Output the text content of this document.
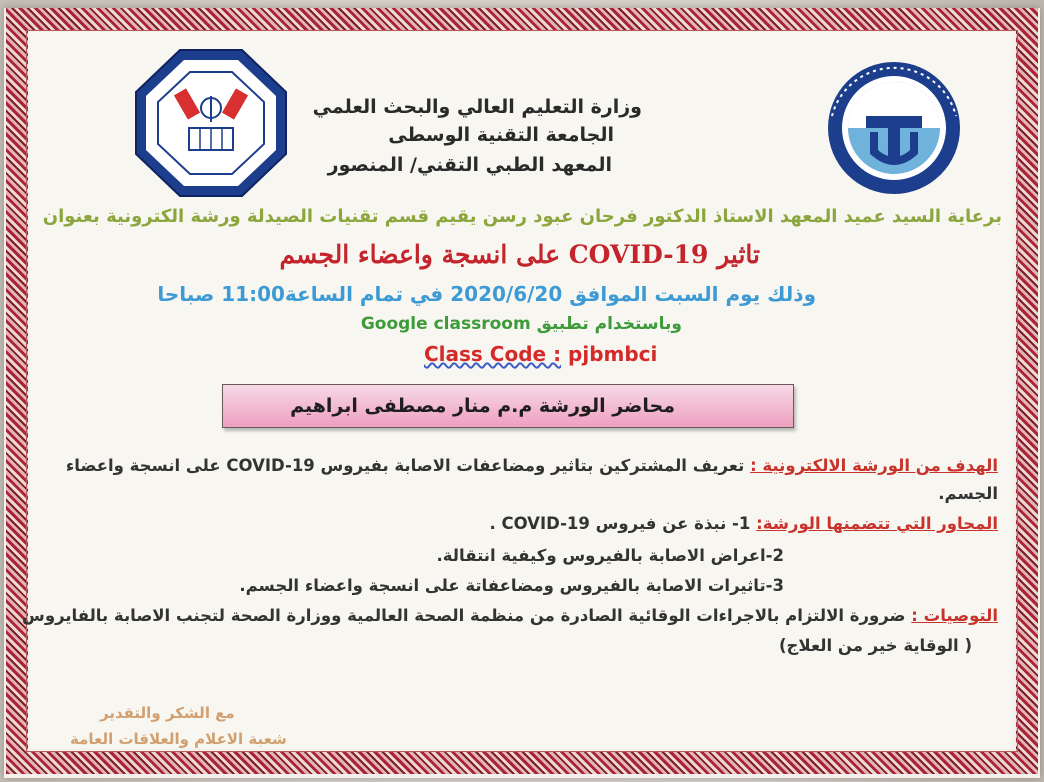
وزارة التعليم العالي والبحث العلمي

الجامعة التقنية الوسطى

المعهد الطبي التقني/ المنصور

برعاية السيد عميد المعهد الاستاذ الدكتور فرحان عبود رسن يقيم قسم تقنيات الصيدلة ورشة الكترونية بعنوان

تاثير COVID-19 على انسجة واعضاء الجسم

وذلك يوم السبت الموافق 2020/6/20 في تمام الساعة11:00 صباحا

وباستخدام تطبيق Google classroom

Class Code : pjbmbci

محاضر الورشة م.م منار مصطفى ابراهيم

الهدف من الورشة الالكترونية : تعريف المشتركين بتاثير ومضاعفات الاصابة بفيروس COVID-19 على انسجة واعضاء

الجسم.

المحاور التي تتضمنها الورشة: 1- نبذة عن فيروس COVID-19 .

2-اعراض الاصابة بالفيروس وكيفية انتقالة.

3-تاثيرات الاصابة بالفيروس ومضاعفاتة على انسجة واعضاء الجسم.

التوصيات : ضرورة الالتزام بالاجراءات الوقائية الصادرة من منظمة الصحة العالمية ووزارة الصحة لتجنب الاصابة بالفايروس

( الوقاية خير من العلاج)

مع الشكر والتقدير

شعبة الاعلام والعلاقات العامة
